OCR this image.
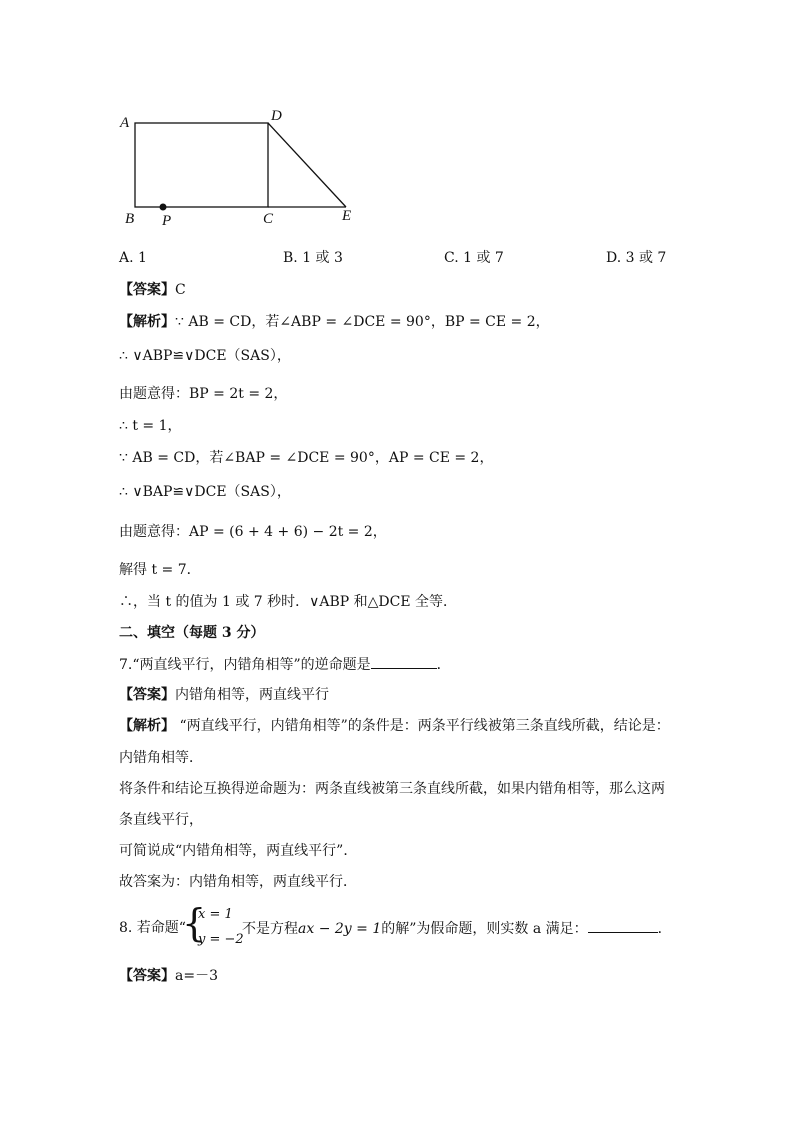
A	D
B P	C	E
A. 1	B. 1 或 3	C. 1 或 7	D. 3 或 7
【答案】C
【解析】∵ AB = CD，若∠ABP = ∠DCE = 90°，BP = CE = 2，
∴ ∨ABP≌∨DCE（SAS），
由题意得：BP = 2t = 2，
∴ t = 1，
∵ AB = CD，若∠BAP = ∠DCE = 90°，AP = CE = 2，
∴ ∨BAP≌∨DCE（SAS），
由题意得：AP = (6 + 4 + 6) − 2t = 2，
解得 t = 7．
∴，当 t 的值为 1 或 7 秒时．∨ABP 和△DCE 全等．
二、填空（每题 3 分）
7.“两直线平行，内错角相等”的逆命题是	．
【答案】内错角相等，两直线平行
【解析】 “两直线平行，内错角相等”的条件是：两条平行线被第三条直线所截，结论是：
内错角相等．
将条件和结论互换得逆命题为：两条直线被第三条直线所截，如果内错角相等，那么这两
条直线平行，
可简说成“内错角相等，两直线平行”．
故答案为：内错角相等，两直线平行．
8. 若命题“
{
x = 1
y = −2
不是方程ax − 2y = 1的解”为假命题，则实数 a 满足：	．
【答案】a=－3
